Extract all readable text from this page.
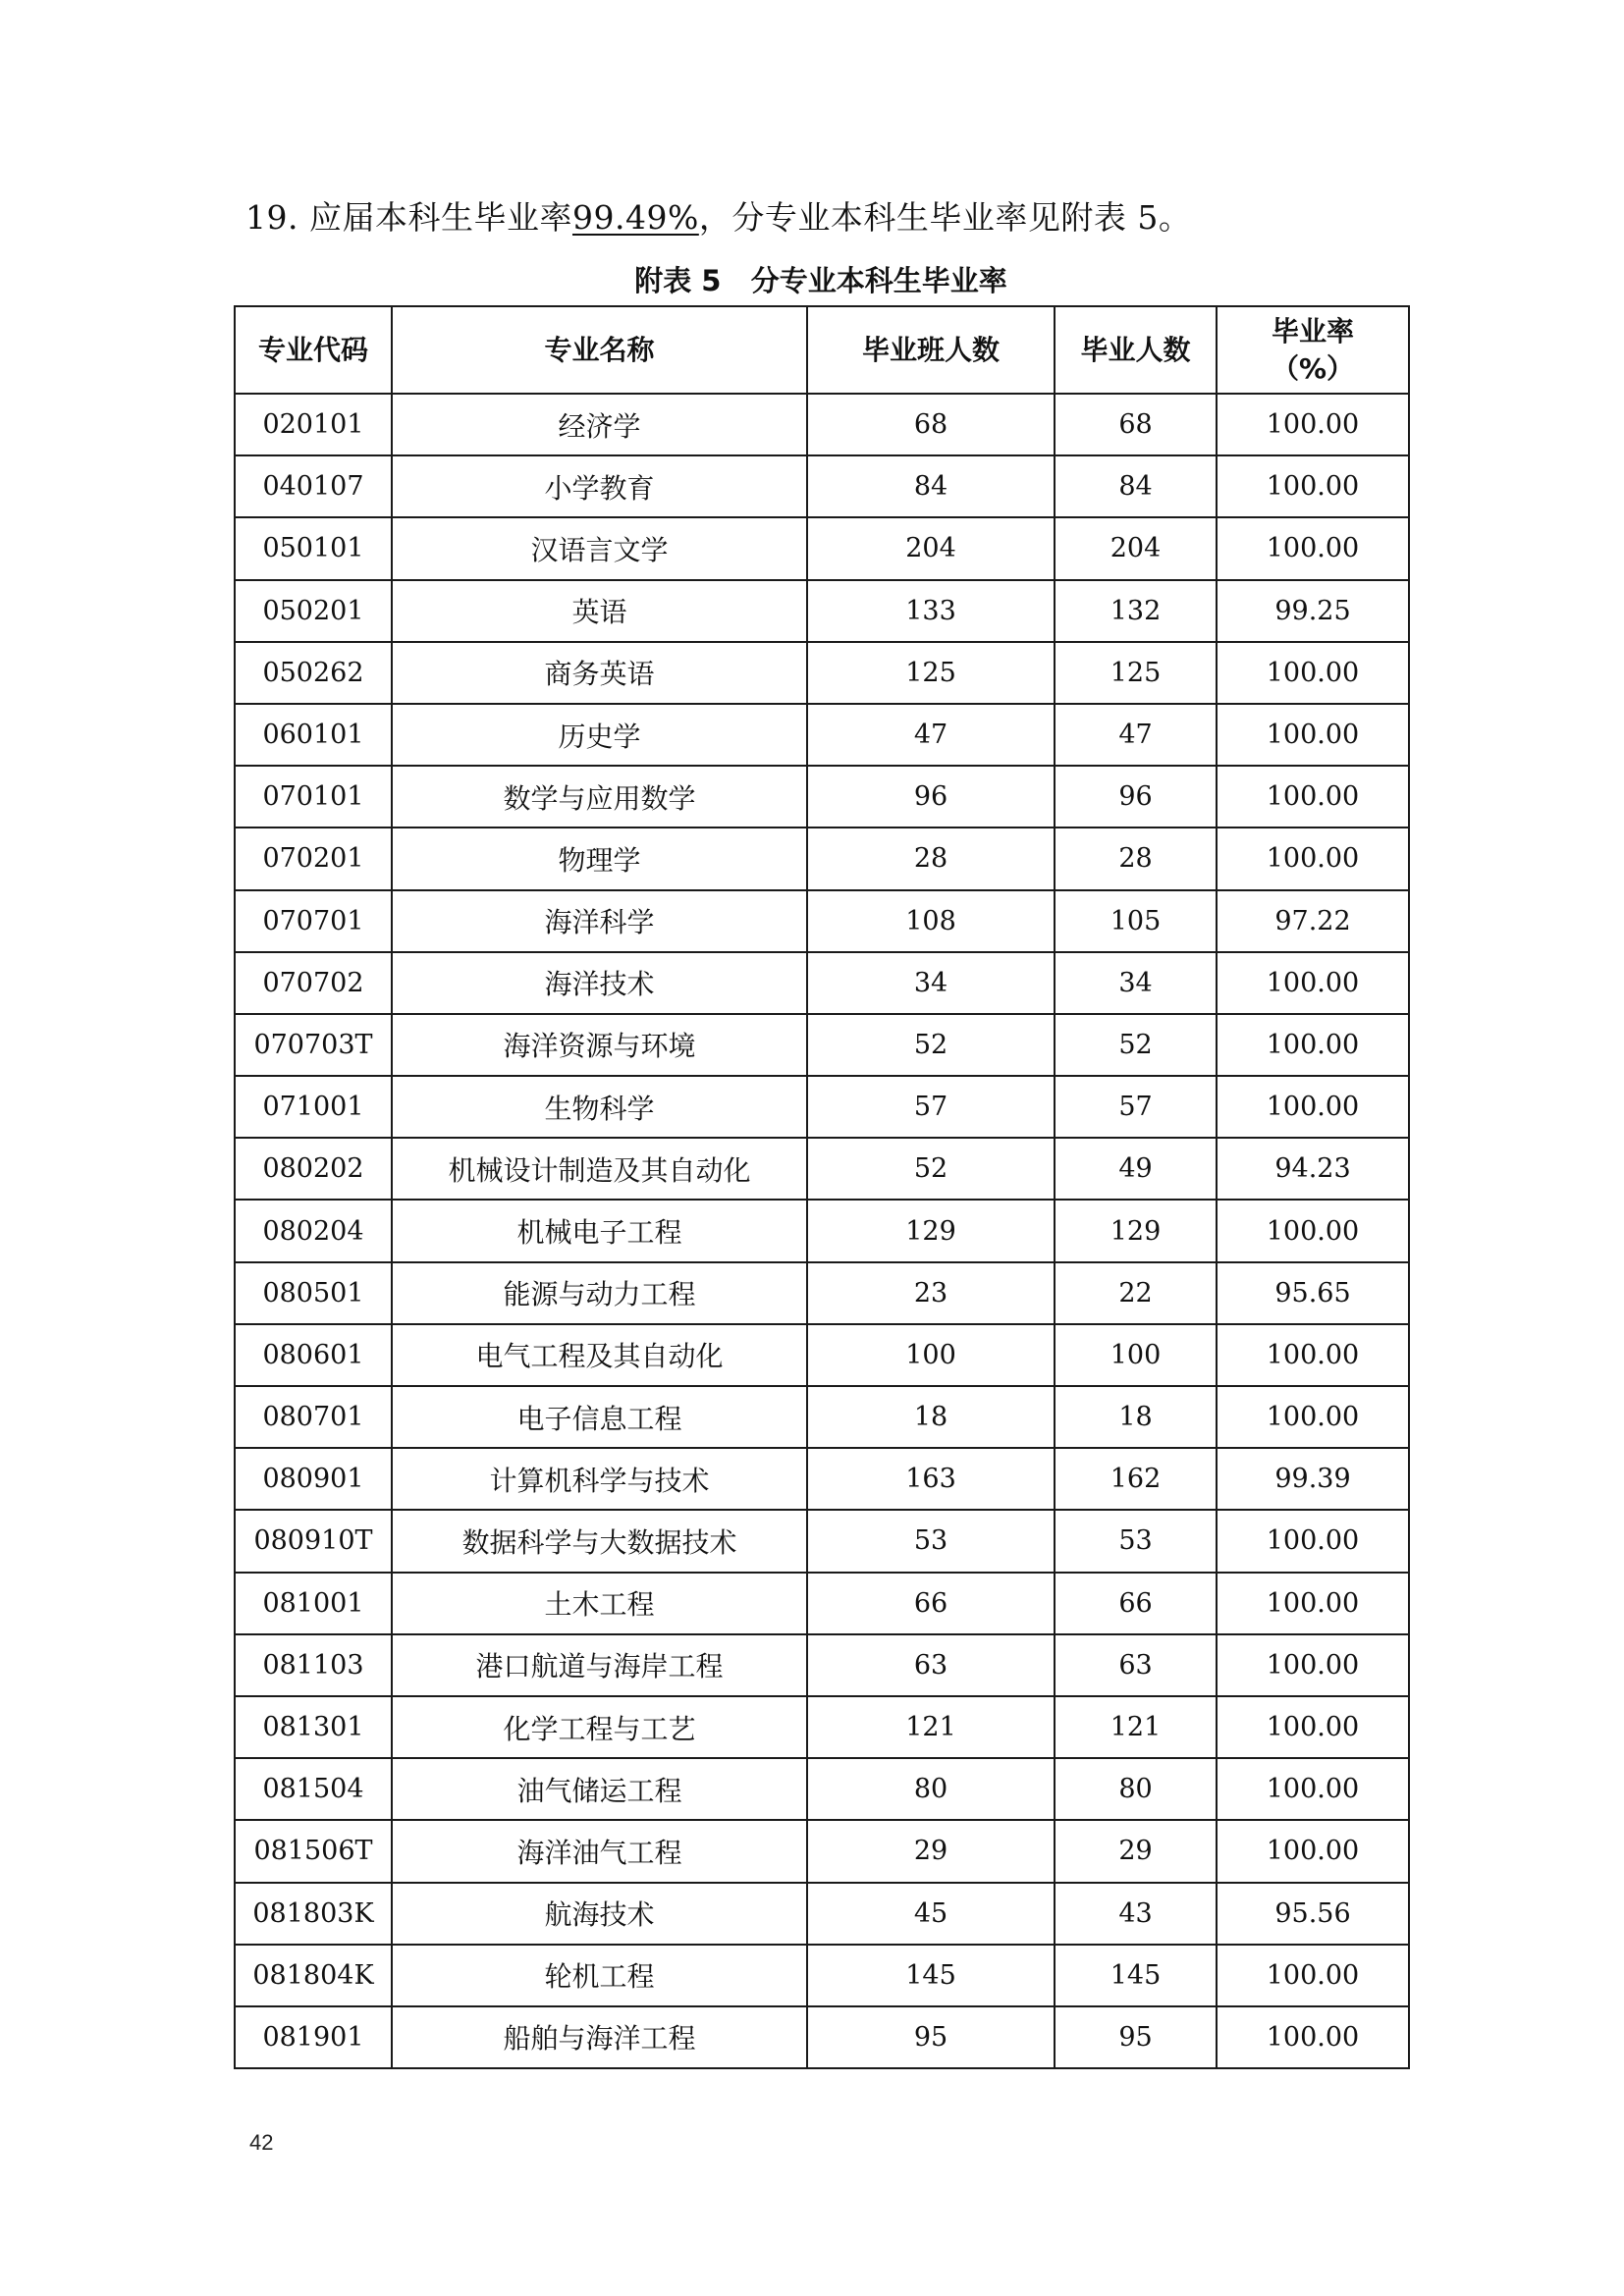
19. 应届本科生毕业率99.49%，分专业本科生毕业率见附表 5。
附表 5   分专业本科生毕业率
专业代码	专业名称	毕业班人数	毕业人数	毕业率
（%）
020101	经济学	68	68	100.00
040107	小学教育	84	84	100.00
050101	汉语言文学	204	204	100.00
050201	英语	133	132	99.25
050262	商务英语	125	125	100.00
060101	历史学	47	47	100.00
070101	数学与应用数学	96	96	100.00
070201	物理学	28	28	100.00
070701	海洋科学	108	105	97.22
070702	海洋技术	34	34	100.00
070703T	海洋资源与环境	52	52	100.00
071001	生物科学	57	57	100.00
080202	机械设计制造及其自动化	52	49	94.23
080204	机械电子工程	129	129	100.00
080501	能源与动力工程	23	22	95.65
080601	电气工程及其自动化	100	100	100.00
080701	电子信息工程	18	18	100.00
080901	计算机科学与技术	163	162	99.39
080910T	数据科学与大数据技术	53	53	100.00
081001	土木工程	66	66	100.00
081103	港口航道与海岸工程	63	63	100.00
081301	化学工程与工艺	121	121	100.00
081504	油气储运工程	80	80	100.00
081506T	海洋油气工程	29	29	100.00
081803K	航海技术	45	43	95.56
081804K	轮机工程	145	145	100.00
081901	船舶与海洋工程	95	95	100.00
42
